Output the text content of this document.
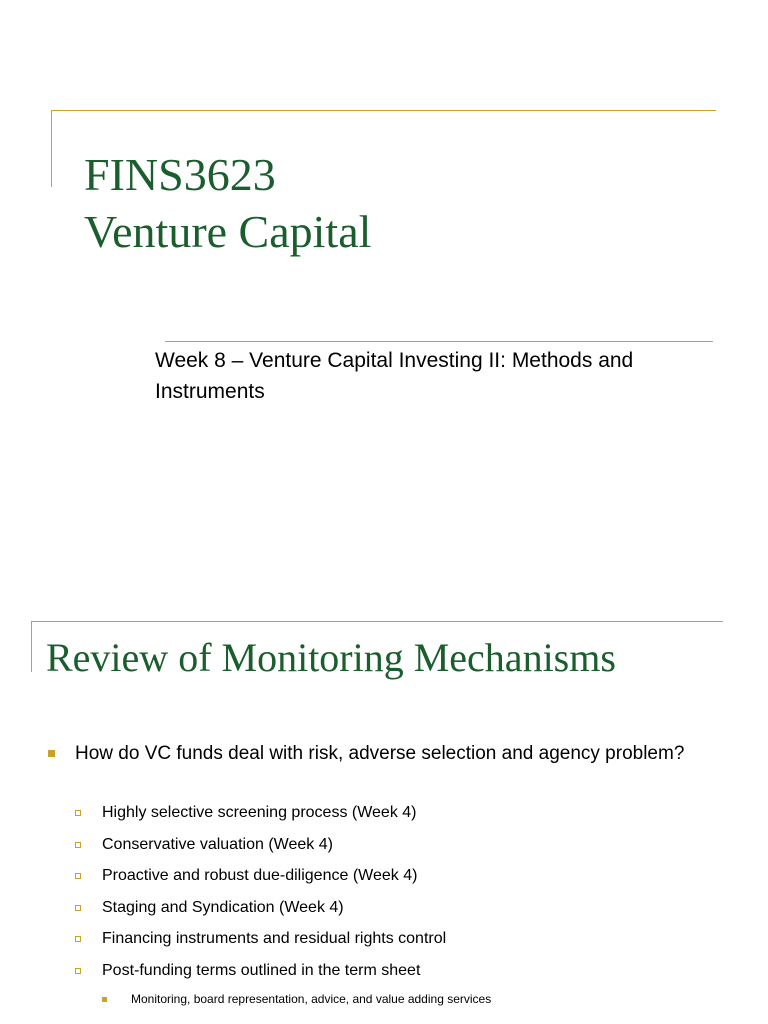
FINS3623
Venture Capital

Week 8 – Venture Capital Investing II: Methods and Instruments

Review of Monitoring Mechanisms
How do VC funds deal with risk, adverse selection and agency problem?
Highly selective screening process (Week 4)
Conservative valuation (Week 4)
Proactive and robust due-diligence (Week 4)
Staging and Syndication (Week 4)
Financing instruments and residual rights control
Post-funding terms outlined in the term sheet
Monitoring, board representation, advice, and value adding services
